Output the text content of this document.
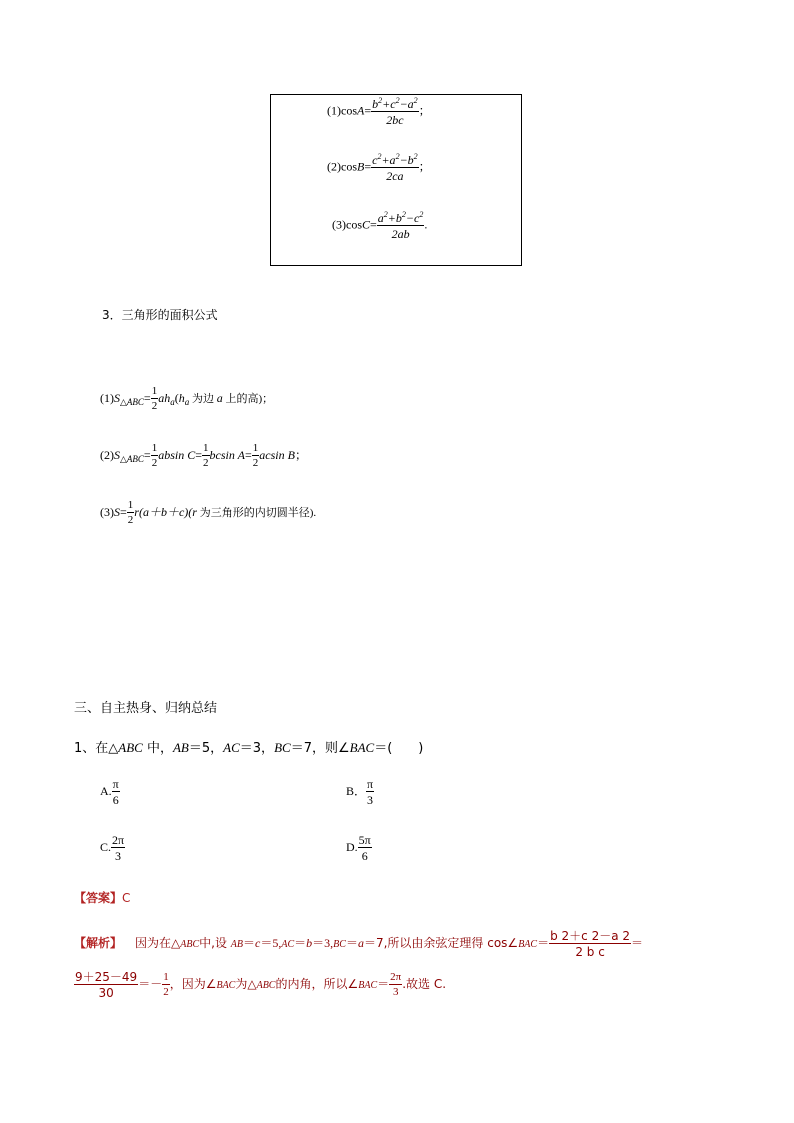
$(1)\cos A= \frac{b^2+c^2-a^2}{2bc}$ ；
$(2)\cos B= \frac{c^2+a^2-b^2}{2ca}$ ；
$(3)\cos C= \frac{a^2+b^2-c^2}{2ab}$ .
3．三角形的面积公式
$(1)S_{\triangle ABC}= \frac{1}{2} ah_a(h_a$ 为边 a 上的高)；
$(2)S_{\triangle ABC}= \frac{1}{2}$ absin $C= \frac{1}{2}$ bcsin $A= \frac{1}{2}$ acsin B；
$(3)S= \frac{1}{2} r(a+b+c)(r$ 为三角形的内切圆半径).
三、自主热身、归纳总结
1、在△ABC 中，AB＝5，AC＝3，BC＝7，则∠BAC＝(　　)
A. $\frac{\pi}{6}$	B． $\frac{\pi}{3}$
C. $\frac{2\pi}{3}$	D. $\frac{5\pi}{6}$
【答案】C
【解析】 因为在△ABC中,设 AB＝c＝5,AC＝b＝3,BC＝a＝7,所以由余弦定理得 cos∠BAC＝ $\frac{b 2+c 2-a 2}{\text{2 b c}}$ ＝
$\frac{9+25-49}{30} =- \frac{1}{2}$ ，因为∠BAC为△ABC的内角，所以∠BAC＝ $\frac{2\pi}{3}$ .故选 C.
